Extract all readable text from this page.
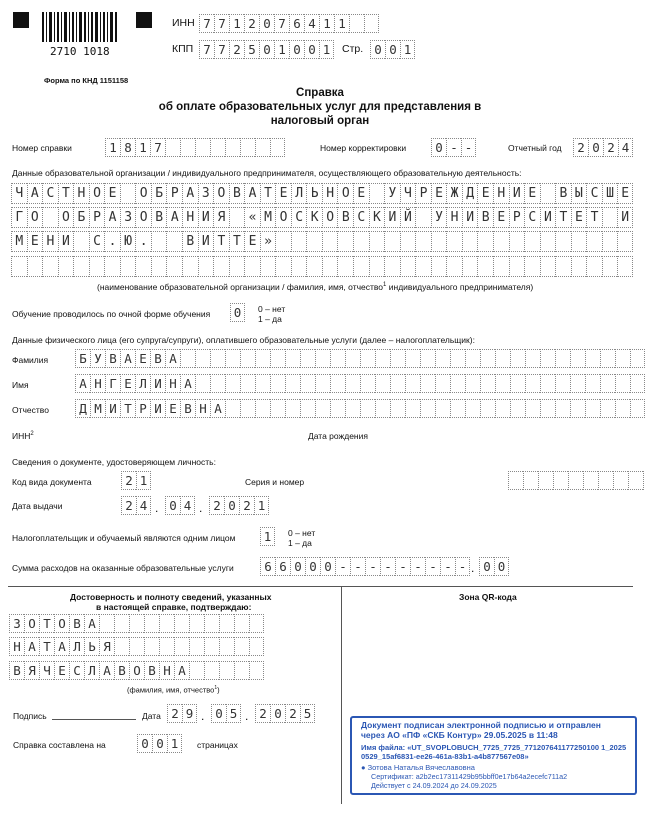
2710 1018
ИНН 7 7 1 2 0 7 6 4 1 1
КПП 7 7 2 5 0 1 0 0 1	Стр. 0 0 1
Форма по КНД 1151158
Справка
об оплате образовательных услуг для представления в
налоговый орган
Номер справки	1 8 1 7	Номер корректировки	0 - -	Отчетный год	2 0 2 4
Данные образовательной организации / индивидуального предпринимателя, осуществляющего образовательную деятельность:
Ч А С Т Н О Е	О Б Р А З О В А Т Е Л Ь Н О Е	У Ч Р Е Ж Д Е Н И Е	В Ы С Ш Е
Г О	О Б Р А З О В А Н И Я	« М О С К О В С К И Й	У Н И В Е Р С И Т Е Т И
М Е Н И	С . Ю .	В И Т Т Е »
(наименование образовательной организации / фамилия, имя, отчество$^1$ индивидуального предпринимателя)
Обучение проводилось по очной форме обучения 0	0 – нет
1 – да
Данные физического лица (его супруга/супруги), оплатившего образовательные услуги (далее – налогоплательщик):
Фамилия	Б У В А Е В А
Имя	А Н Г Е Л И Н А
Отчество	Д М И Т Р И Е В Н А
ИНН$^2$	Дата рождения
Сведения о документе, удостоверяющем личность:
Код вида документа	2 1	Серия и номер
Дата выдачи	2 4 . 0 4 . 2 0 2 1
Налогоплательщик и обучаемый являются одним лицом 1	0 – нет
1 – да
Сумма расходов на оказанные образовательные услуги	6 6 0 0 0 - - - - - - - - - . 0 0
Достоверность и полноту сведений, указанных
в настоящей справке, подтверждаю:
З О Т О В А
Н А Т А Л Ь Я
В Я Ч Е С Л А В О В Н А
(фамилия, имя, отчество$^1$)
Подпись	Дата 2 9 . 0 5 . 2 0 2 5
Справка составлена на	0 0 1	страницах
Зона QR-кода
Документ подписан электронной подписью и отправлен
через АО «ПФ «СКБ Контур» 29.05.2025 в 11:48
Имя файла: «UT_SVOPLOBUCH_7725_7725_771207641177250100 1_2025
0529_15af6831-ee26-461a-83b1-a4b877567e08»
● Зотова Наталья Вячеславовна
Сертификат: a2b2ec17311429b95bbff0e17b64a2ecefc711a2
Действует с 24.09.2024 до 24.09.2025
